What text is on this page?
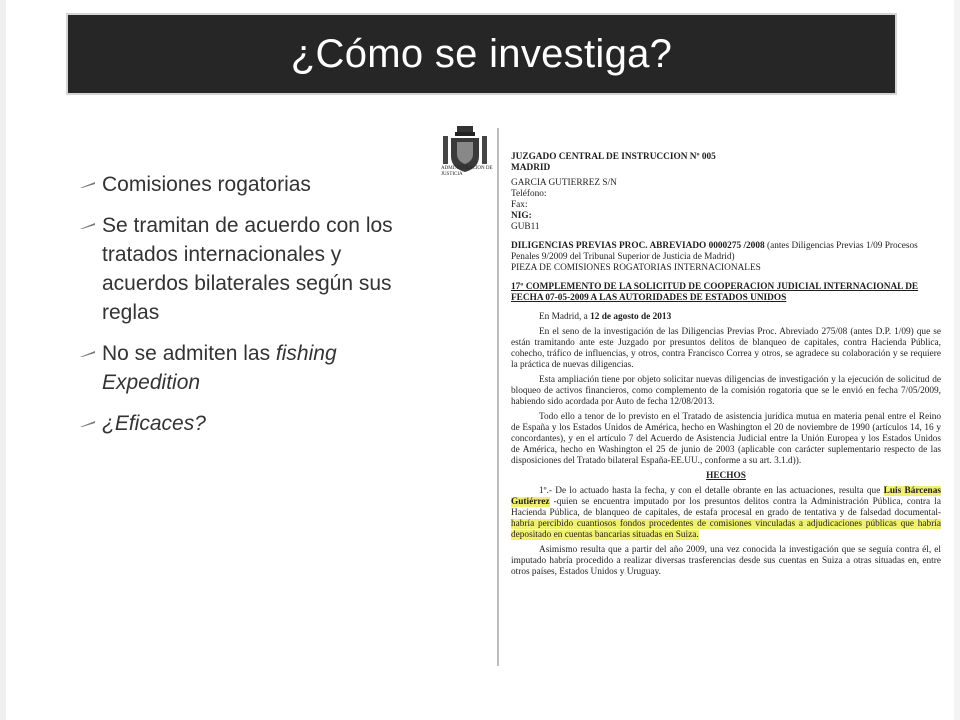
¿Cómo se investiga?
Comisiones rogatorias
Se tramitan de acuerdo con los tratados internacionales y acuerdos bilaterales según sus reglas
No se admiten las fishing Expedition
¿Eficaces?
ADMINISTRACION DE JUSTICIA

JUZGADO CENTRAL DE INSTRUCCION Nº 005

MADRID

GARCIA GUTIERREZ S/N

Teléfono:

Fax:

NIG:

GUB11

DILIGENCIAS PREVIAS PROC. ABREVIADO 0000275 /2008 (antes Diligencias Previas 1/09 Procesos Penales 9/2009 del Tribunal Superior de Justicia de Madrid)

PIEZA DE COMISIONES ROGATORIAS INTERNACIONALES

17º COMPLEMENTO DE LA SOLICITUD DE COOPERACION JUDICIAL INTERNACIONAL DE FECHA 07-05-2009 A LAS AUTORIDADES DE ESTADOS UNIDOS

En Madrid, a 12 de agosto de 2013

En el seno de la investigación de las Diligencias Previas Proc. Abreviado 275/08 (antes D.P. 1/09) que se están tramitando ante este Juzgado por presuntos delitos de blanqueo de capitales, contra Hacienda Pública, cohecho, tráfico de influencias, y otros, contra Francisco Correa y otros, se agradece su colaboración y se requiere la práctica de nuevas diligencias.

Esta ampliación tiene por objeto solicitar nuevas diligencias de investigación y la ejecución de solicitud de bloqueo de activos financieros, como complemento de la comisión rogatoria que se le envió en fecha 7/05/2009, habiendo sido acordada por Auto de fecha 12/08/2013.

Todo ello a tenor de lo previsto en el Tratado de asistencia jurídica mutua en materia penal entre el Reino de España y los Estados Unidos de América, hecho en Washington el 20 de noviembre de 1990 (artículos 14, 16 y concordantes), y en el artículo 7 del Acuerdo de Asistencia Judicial entre la Unión Europea y los Estados Unidos de América, hecho en Washington el 25 de junio de 2003 (aplicable con carácter suplementario respecto de las disposiciones del Tratado bilateral España-EE.UU., conforme a su art. 3.1.d)).

HECHOS

1º.- De lo actuado hasta la fecha, y con el detalle obrante en las actuaciones, resulta que Luis Bárcenas Gutiérrez -quien se encuentra imputado por los presuntos delitos contra la Administración Pública, contra la Hacienda Pública, de blanqueo de capitales, de estafa procesal en grado de tentativa y de falsedad documental- habría percibido cuantiosos fondos procedentes de comisiones vinculadas a adjudicaciones públicas que habría depositado en cuentas bancarias situadas en Suiza.

Asimismo resulta que a partir del año 2009, una vez conocida la investigación que se seguía contra él, el imputado habría procedido a realizar diversas trasferencias desde sus cuentas en Suiza a otras situadas en, entre otros países, Estados Unidos y Uruguay.
